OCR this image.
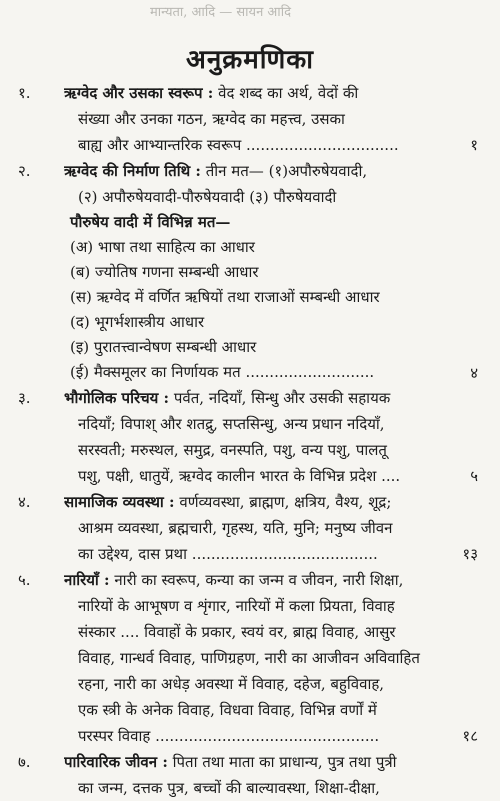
मान्यता, आदि — सायन आदि
अनुक्रमणिका
१. ऋग्वेद और उसका स्वरूप : वेद शब्द का अर्थ, वेदों की
संख्या और उनका गठन, ऋग्वेद का महत्त्व, उसका
बाह्य और आभ्यान्तरिक स्वरूप ................................	१
२. ऋग्वेद की निर्माण तिथि : तीन मत— (१)अपौरुषेयवादी,
(२) अपौरुषेयवादी-पौरुषेयवादी (३) पौरुषेयवादी
पौरुषेय वादी में विभिन्न मत—
(अ) भाषा तथा साहित्य का आधार
(ब) ज्योतिष गणना सम्बन्धी आधार
(स) ऋग्वेद में वर्णित ऋषियों तथा राजाओं सम्बन्धी आधार
(द) भूगर्भशास्त्रीय आधार
(इ) पुरातत्त्वान्वेषण सम्बन्धी आधार
(ई) मैक्समूलर का निर्णायक मत ...........................	४
३. भौगोलिक परिचय : पर्वत, नदियाँ, सिन्धु और उसकी सहायक
नदियाँ; विपाश् और शतद्रु, सप्तसिन्धु, अन्य प्रधान नदियाँ,
सरस्वती; मरुस्थल, समुद्र, वनस्पति, पशु, वन्य पशु, पालतू
पशु, पक्षी, धातुयें, ऋग्वेद कालीन भारत के विभिन्न प्रदेश ....	५
४. सामाजिक व्यवस्था : वर्णव्यवस्था, ब्राह्मण, क्षत्रिय, वैश्य, शूद्र;
आश्रम व्यवस्था, ब्रह्मचारी, गृहस्थ, यति, मुनि; मनुष्य जीवन
का उद्देश्य, दास प्रथा .......................................	१३
५. नारियाँ : नारी का स्वरूप, कन्या का जन्म व जीवन, नारी शिक्षा,
नारियों के आभूषण व शृंगार, नारियों में कला प्रियता, विवाह
संस्कार .... विवाहों के प्रकार, स्वयं वर, ब्राह्म विवाह, आसुर
विवाह, गान्धर्व विवाह, पाणिग्रहण, नारी का आजीवन अविवाहित
रहना, नारी का अधेड़ अवस्था में विवाह, दहेज, बहुविवाह,
एक स्त्री के अनेक विवाह, विधवा विवाह, विभिन्न वर्णों में
परस्पर विवाह ...............................................	१८
७. पारिवारिक जीवन : पिता तथा माता का प्राधान्य, पुत्र तथा पुत्री
का जन्म, दत्तक पुत्र, बच्चों की बाल्यावस्था, शिक्षा-दीक्षा,
